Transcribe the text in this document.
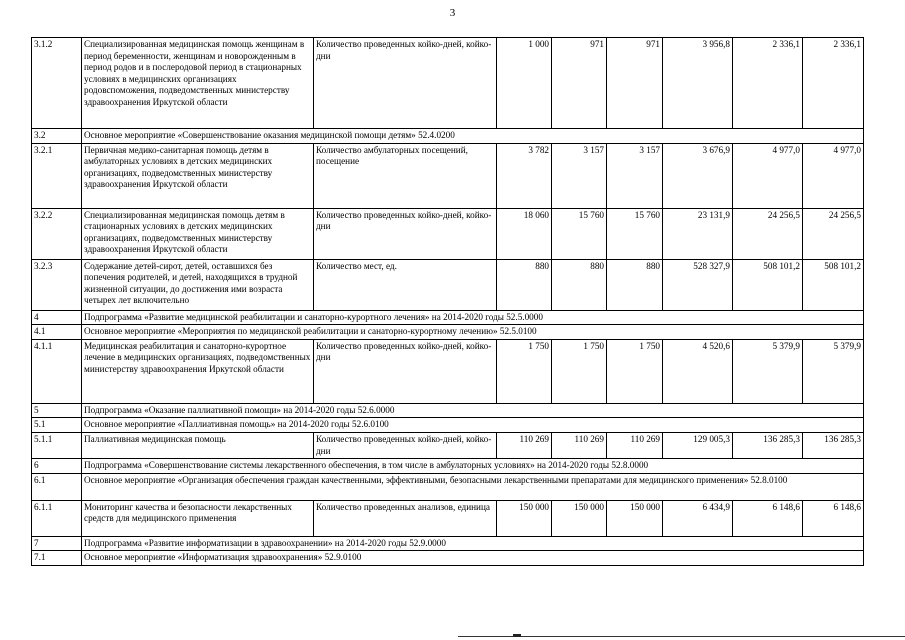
3
3.1.2	Специализированная медицинская помощь женщинам в период беременности, женщинам и новорожденным в период родов и в послеродовой период в стационарных условиях в медицинских организациях родовспоможения, подведомственных министерству здравоохранения Иркутской области	Количество проведенных койко-дней, койко-дни	1 000	971	971	3 956,8	2 336,1	2 336,1
3.2	Основное мероприятие «Совершенствование оказания медицинской помощи детям» 52.4.0200							
3.2.1	Первичная медико-санитарная помощь детям в амбулаторных условиях в детских медицинских организациях, подведомственных министерству здравоохранения Иркутской области	Количество амбулаторных посещений, посещение	3 782	3 157	3 157	3 676,9	4 977,0	4 977,0
3.2.2	Специализированная медицинская помощь детям в стационарных условиях в детских медицинских организациях, подведомственных министерству здравоохранения Иркутской области	Количество проведенных койко-дней, койко-дни	18 060	15 760	15 760	23 131,9	24 256,5	24 256,5
3.2.3	Содержание детей-сирот, детей, оставшихся без попечения родителей, и детей, находящихся в трудной жизненной ситуации, до достижения ими возраста четырех лет включительно	Количество мест, ед.	880	880	880	528 327,9	508 101,2	508 101,2
4	Подпрограмма «Развитие медицинской реабилитации и санаторно-курортного лечения» на 2014-2020 годы 52.5.0000							
4.1	Основное мероприятие «Мероприятия по медицинской реабилитации и санаторно-курортному лечению» 52.5.0100							
4.1.1	Медицинская реабилитация и санаторно-курортное лечение в медицинских организациях, подведомственных министерству здравоохранения Иркутской области	Количество проведенных койко-дней, койко-дни	1 750	1 750	1 750	4 520,6	5 379,9	5 379,9
5	Подпрограмма «Оказание паллиативной помощи» на 2014-2020 годы 52.6.0000							
5.1	Основное мероприятие «Паллиативная помощь» на 2014-2020 годы 52.6.0100							
5.1.1	Паллиативная медицинская помощь	Количество проведенных койко-дней, койко-дни	110 269	110 269	110 269	129 005,3	136 285,3	136 285,3
6	Подпрограмма «Совершенствование системы лекарственного обеспечения, в том числе в амбулаторных условиях» на 2014-2020 годы 52.8.0000							
6.1	Основное мероприятие «Организация обеспечения граждан качественными, эффективными, безопасными лекарственными препаратами для медицинского применения» 52.8.0100							
6.1.1	Мониторинг качества и безопасности лекарственных средств для медицинского применения	Количество проведенных анализов, единица	150 000	150 000	150 000	6 434,9	6 148,6	6 148,6
7	Подпрограмма «Развитие информатизации в здравоохранении» на 2014-2020 годы 52.9.0000							
7.1	Основное мероприятие «Информатизация здравоохранения» 52.9.0100							
